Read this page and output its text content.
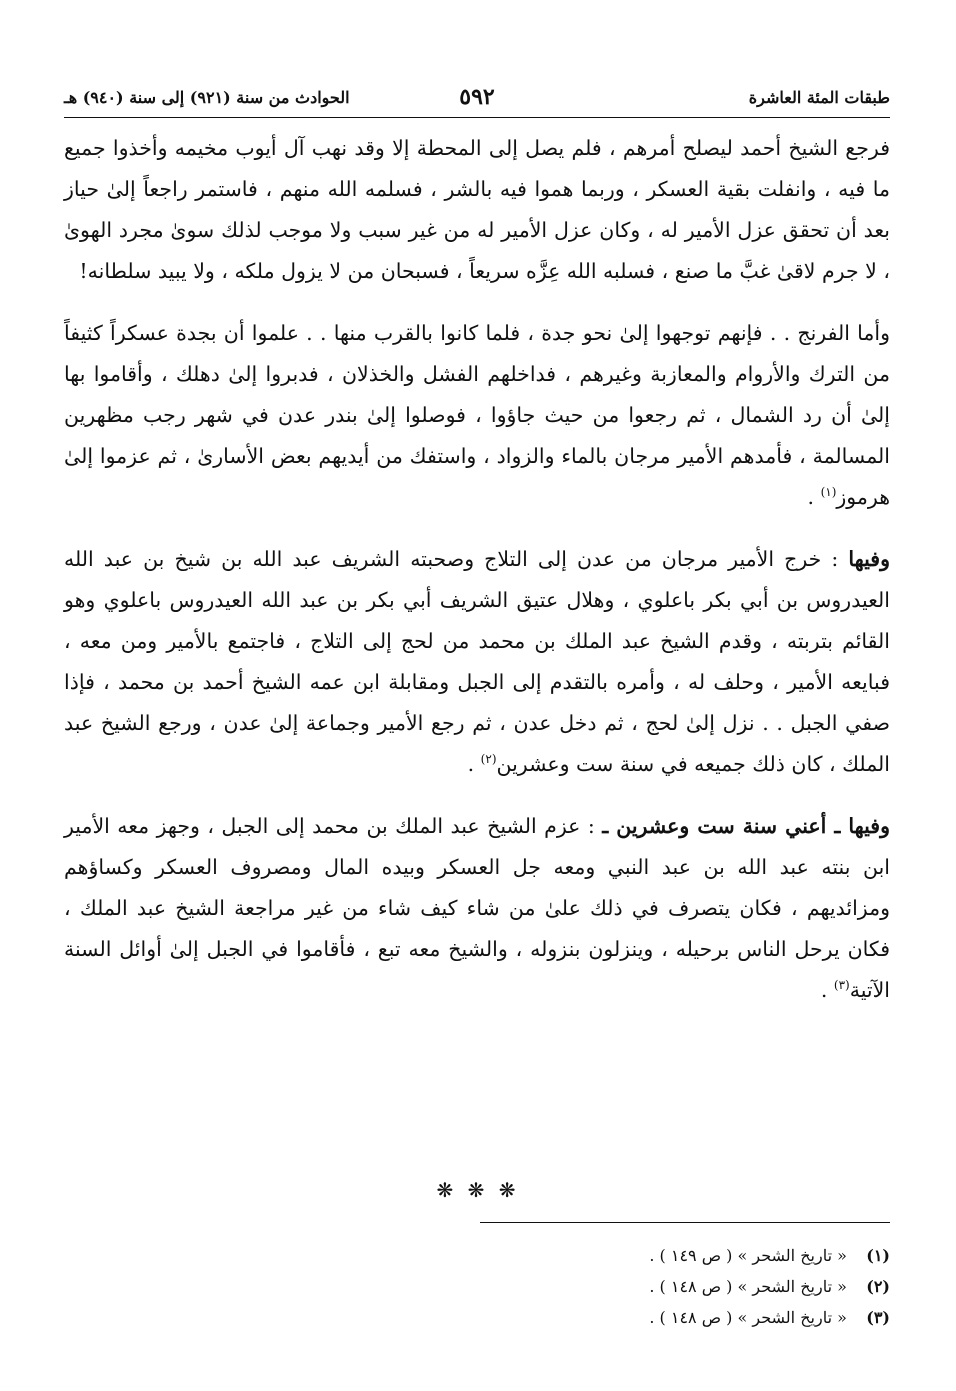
طبقات المئة العاشرة
٥٩٢
الحوادث من سنة (٩٢١) إلى سنة (٩٤٠) هـ

فرجع الشيخ أحمد ليصلح أمرهم ، فلم يصل إلى المحطة إلا وقد نهب آل أيوب مخيمه وأخذوا جميع ما فيه ، وانفلت بقية العسكر ، وربما هموا فيه بالشر ، فسلمه الله منهم ، فاستمر راجعاً إلىٰ حياز بعد أن تحقق عزل الأمير له ، وكان عزل الأمير له من غير سبب ولا موجب لذلك سوىٰ مجرد الهوىٰ ، لا جرم لاقىٰ غبَّ ما صنع ، فسلبه الله عِزَّه سريعاً ، فسبحان من لا يزول ملكه ، ولا يبيد سلطانه!

وأما الفرنج . . فإنهم توجهوا إلىٰ نحو جدة ، فلما كانوا بالقرب منها . . علموا أن بجدة عسكراً كثيفاً من الترك والأروام والمعازبة وغيرهم ، فداخلهم الفشل والخذلان ، فدبروا إلىٰ دهلك ، وأقاموا بها إلىٰ أن رد الشمال ، ثم رجعوا من حيث جاؤوا ، فوصلوا إلىٰ بندر عدن في شهر رجب مظهرين المسالمة ، فأمدهم الأمير مرجان بالماء والزواد ، واستفك من أيديهم بعض الأسارىٰ ، ثم عزموا إلىٰ هرموز$^{(١)}$ .

وفيها : خرج الأمير مرجان من عدن إلى التلاج وصحبته الشريف عبد الله بن شيخ بن عبد الله العيدروس بن أبي بكر باعلوي ، وهلال عتيق الشريف أبي بكر بن عبد الله العيدروس باعلوي وهو القائم بتربته ، وقدم الشيخ عبد الملك بن محمد من لحج إلى التلاج ، فاجتمع بالأمير ومن معه ، فبايعه الأمير ، وحلف له ، وأمره بالتقدم إلى الجبل ومقابلة ابن عمه الشيخ أحمد بن محمد ، فإذا صفي الجبل . . نزل إلىٰ لحج ، ثم دخل عدن ، ثم رجع الأمير وجماعة إلىٰ عدن ، ورجع الشيخ عبد الملك ، كان ذلك جميعه في سنة ست وعشرين$^{(٢)}$ .

وفيها ـ أعني سنة ست وعشرين ـ : عزم الشيخ عبد الملك بن محمد إلى الجبل ، وجهز معه الأمير ابن بنته عبد الله بن عبد النبي ومعه جل العسكر وبيده المال ومصروف العسكر وكساؤهم ومزائديهم ، فكان يتصرف في ذلك علىٰ من شاء كيف شاء من غير مراجعة الشيخ عبد الملك ، فكان يرحل الناس برحيله ، وينزلون بنزوله ، والشيخ معه تبع ، فأقاموا في الجبل إلىٰ أوائل السنة الآتية$^{(٣)}$ .

❋ ❋ ❋
(١) « تاريخ الشحر » ( ص ١٤٩ ) .
(٢) « تاريخ الشحر » ( ص ١٤٨ ) .
(٣) « تاريخ الشحر » ( ص ١٤٨ ) .
